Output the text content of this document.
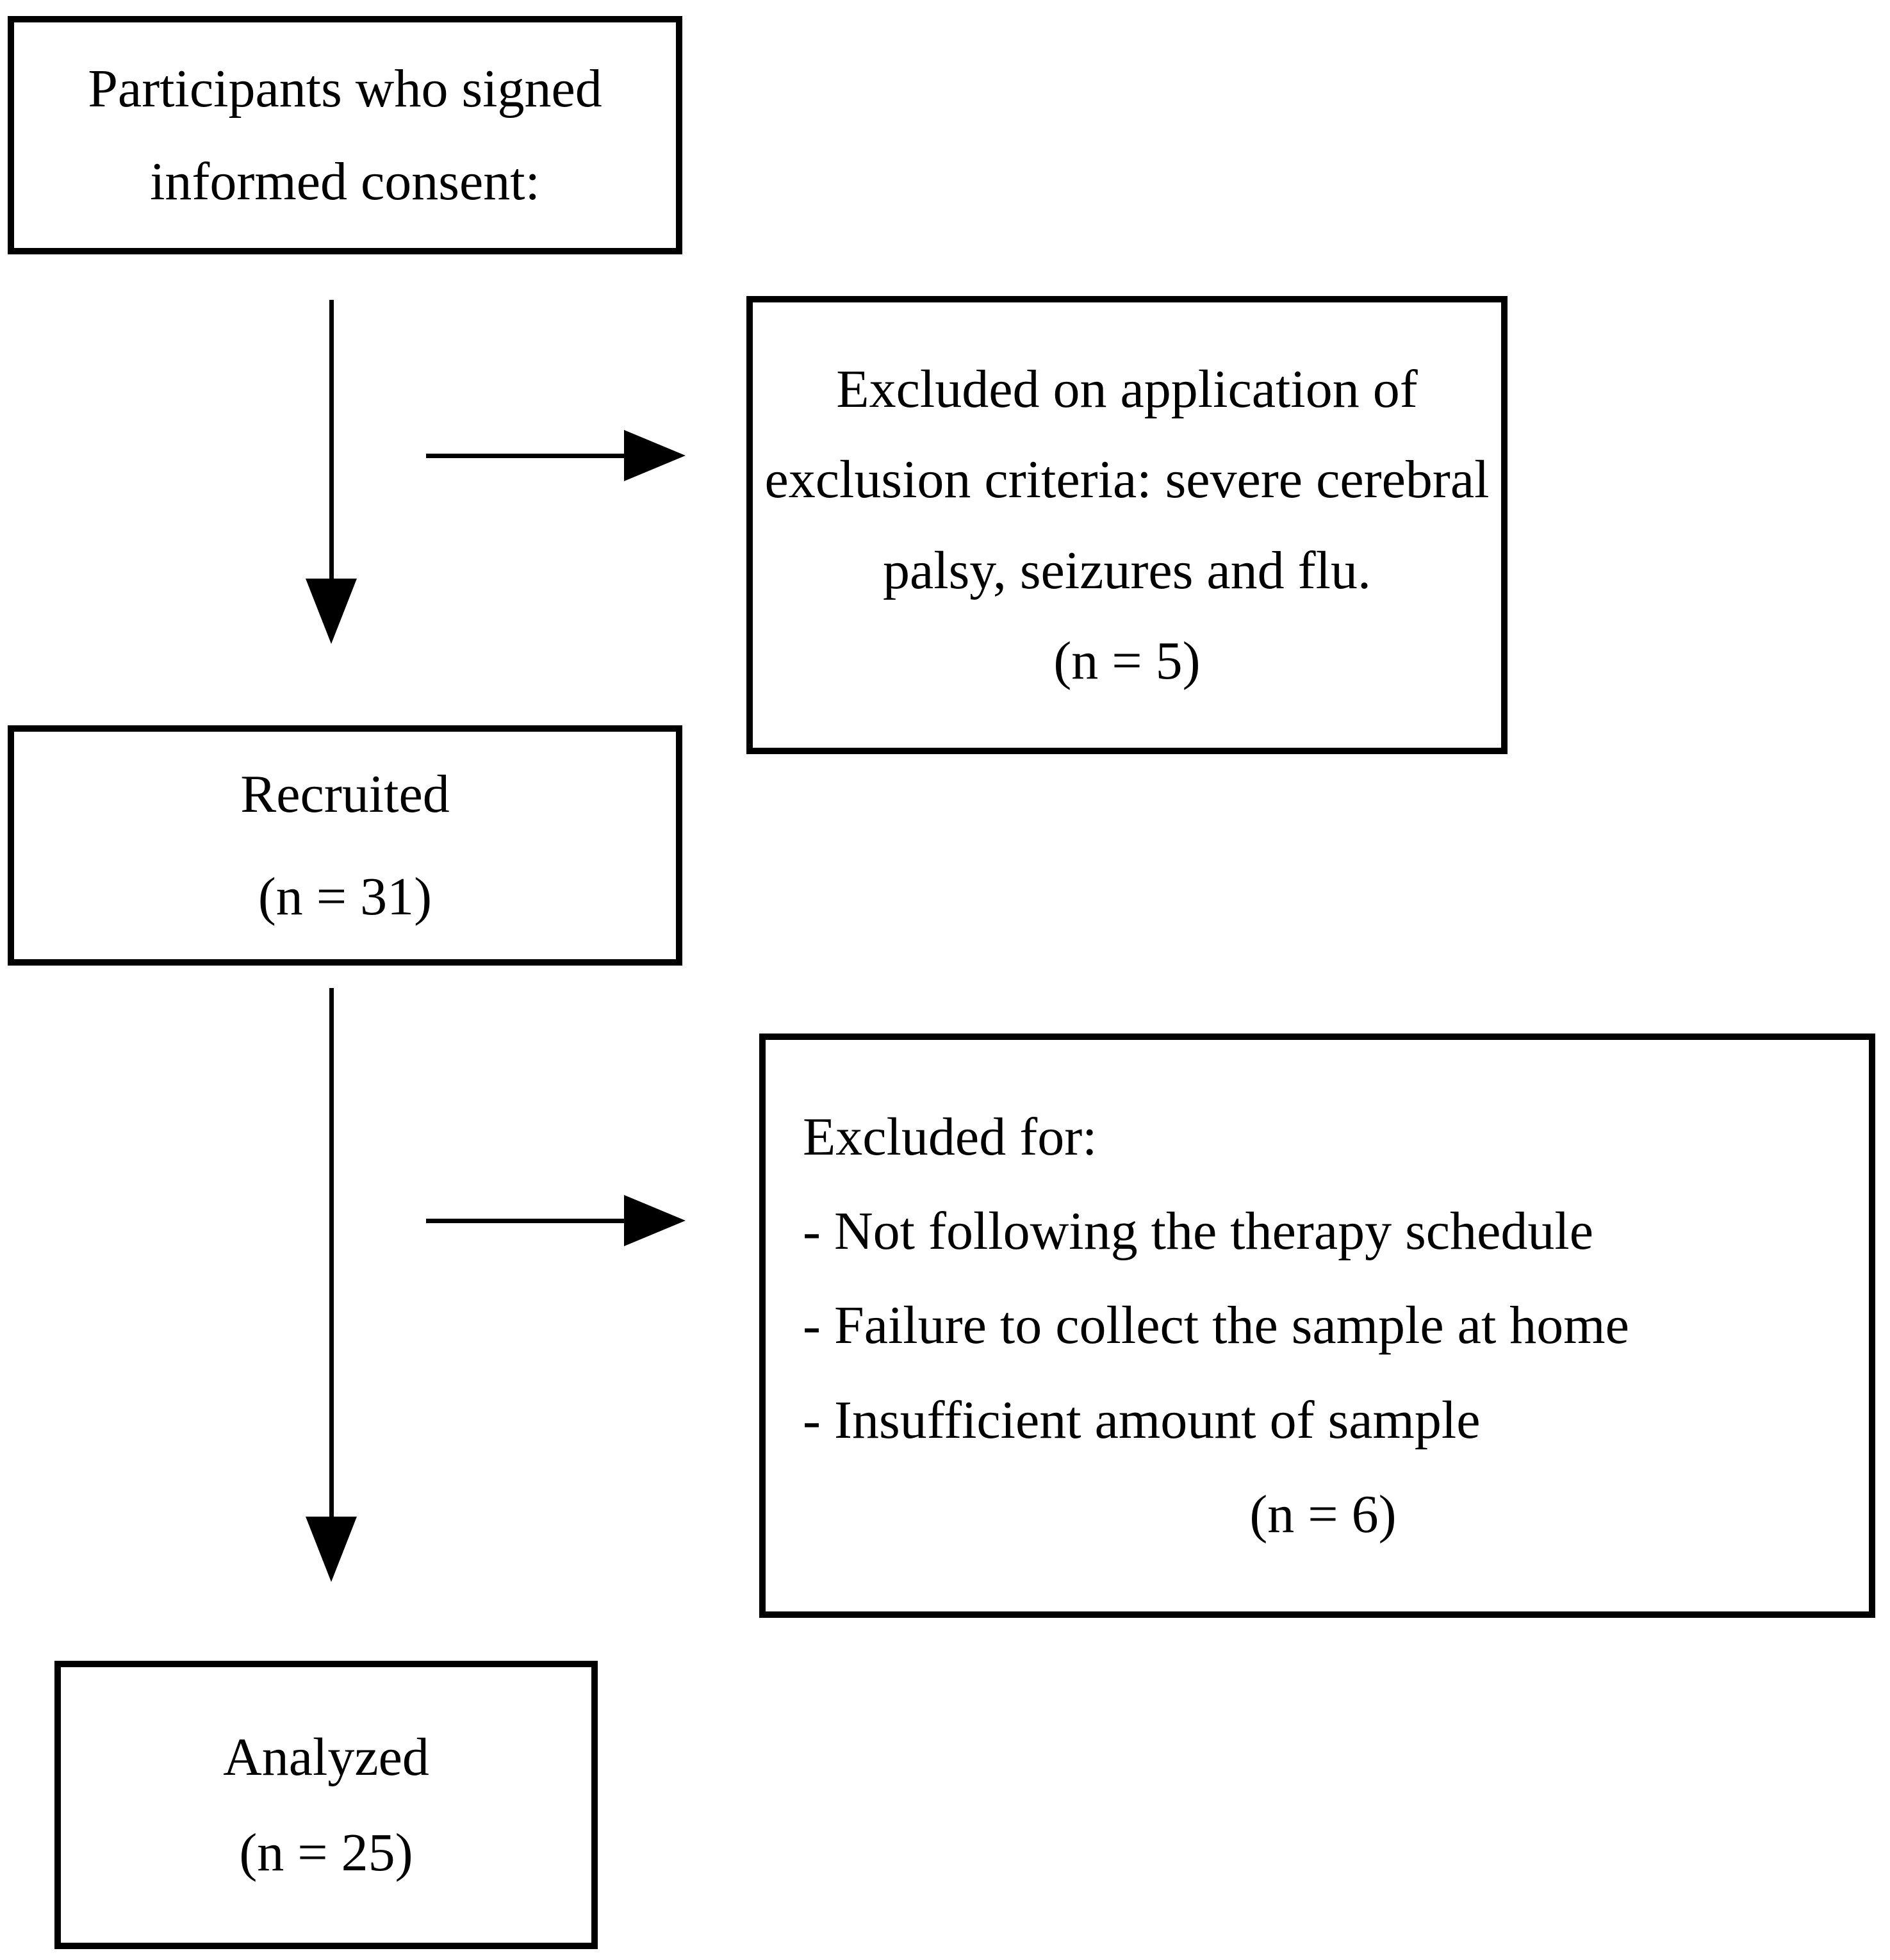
Participants who signed
informed consent:
Excluded on application of
exclusion criteria: severe cerebral
palsy, seizures and flu.
(n = 5)
Recruited
(n = 31)
Excluded for:
- Not following the therapy schedule
- Failure to collect the sample at home
- Insufficient amount of sample
(n = 6)
Analyzed
(n = 25)
